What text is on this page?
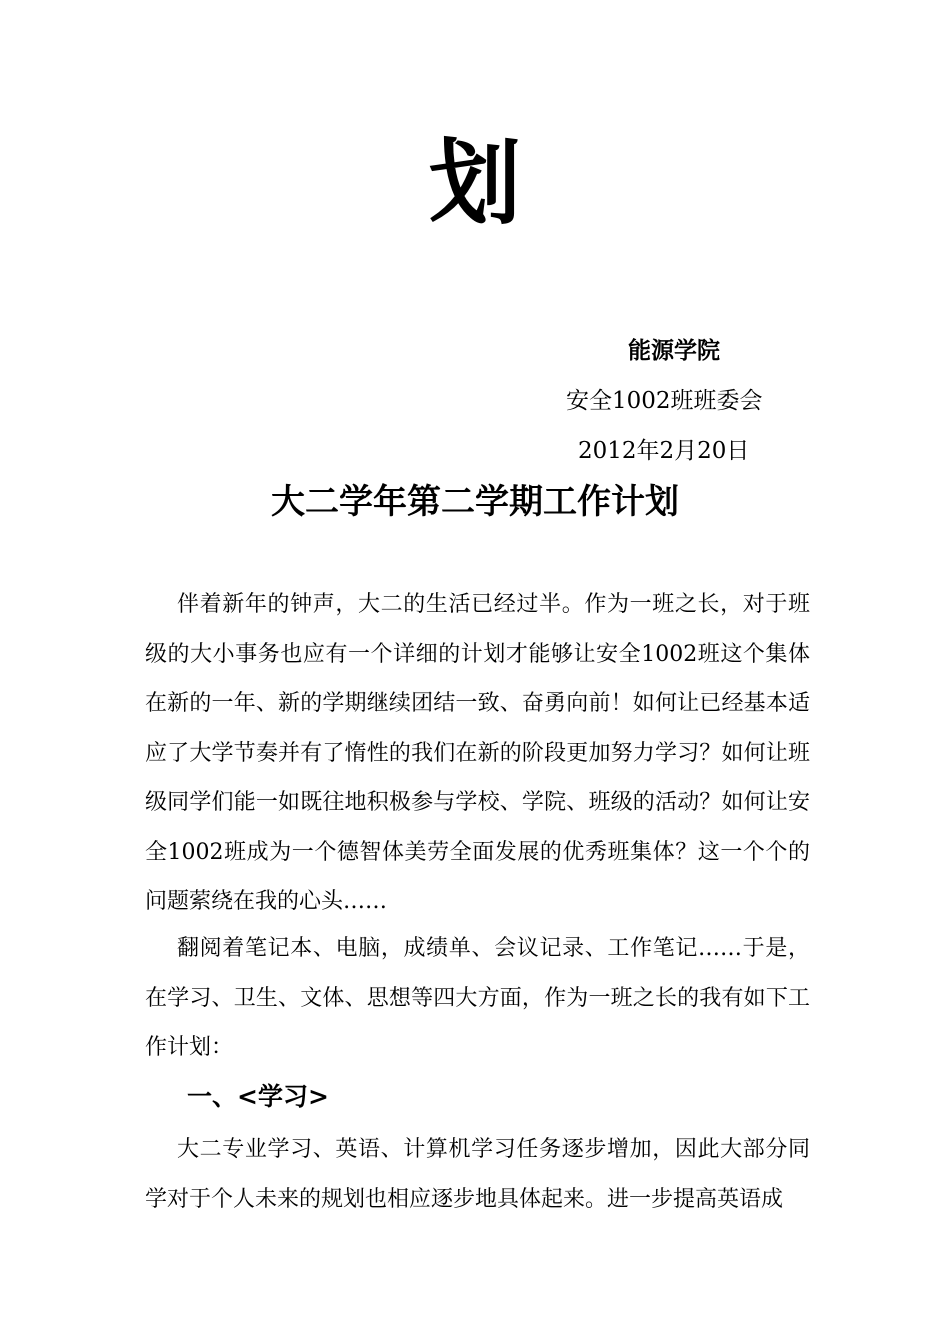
划
能源学院
安全1002班班委会
2012年2月20日
大二学年第二学期工作计划
伴着新年的钟声，大二的生活已经过半。作为一班之长，对于班级的大小事务也应有一个详细的计划才能够让安全1002班这个集体在新的一年、新的学期继续团结一致、奋勇向前！如何让已经基本适应了大学节奏并有了惰性的我们在新的阶段更加努力学习？如何让班级同学们能一如既往地积极参与学校、学院、班级的活动？如何让安全1002班成为一个德智体美劳全面发展的优秀班集体？这一个个的问题萦绕在我的心头……
翻阅着笔记本、电脑，成绩单、会议记录、工作笔记……于是，在学习、卫生、文体、思想等四大方面，作为一班之长的我有如下工作计划：
一、<学习>
大二专业学习、英语、计算机学习任务逐步增加，因此大部分同学对于个人未来的规划也相应逐步地具体起来。进一步提高英语成
